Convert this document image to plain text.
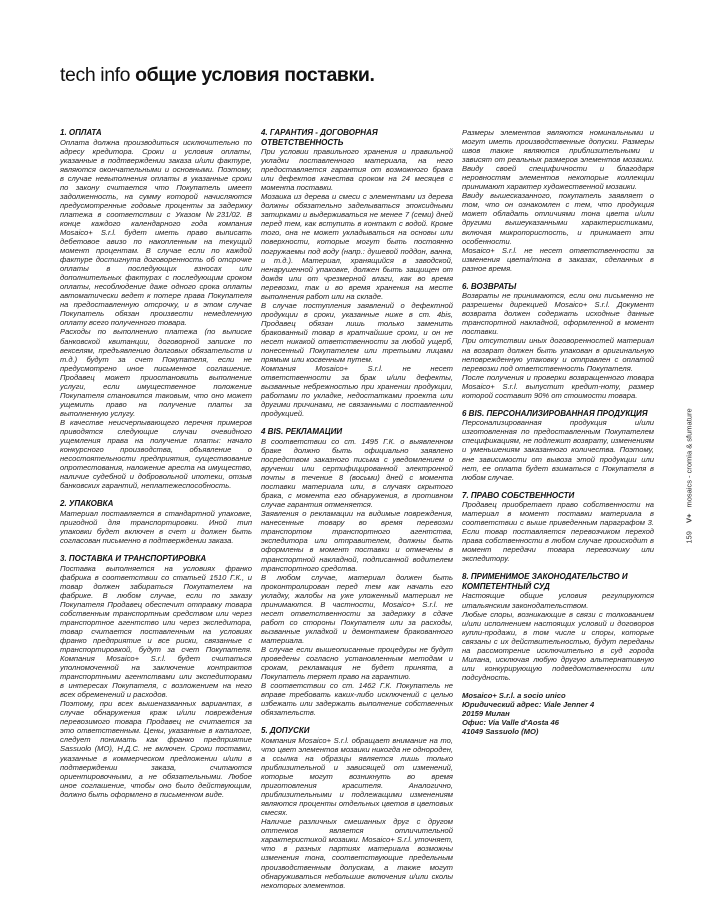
tech info общие условия поставки.
1. ОПЛАТА

Оплата должна производиться исключительно по адресу кредитора. Сроки и условия оплаты, указанные в подтверждении заказа и/или фактуре, являются окончательными и основными. Поэтому, в случае невыполнения оплаты в указанные сроки по закону считается что Покупатель имеет задолженность, на сумму которой начисляются предусмотренные годовые проценты за задержку платежа в соответствии с Указом №231/02. В конце каждого календарного года компания Mosaico+ S.r.l. будет иметь право выписать дебетовое авизо по накопленным на текущий момент процентам. В случае если по каждой фактуре достигнута договоренность об отсрочке оплаты в последующих взносах или дополнительных фактурах с последующим сроком оплаты, несоблюдение даже одного срока оплаты автоматически ведет к потере права Покупателя на предоставленную отсрочку, и в этом случае Покупатель обязан произвести немедленную оплату всего полученного товара.

Расходы по выполнению платежа (по выписке банковской квитанции, договорной записке по векселям, предъявлению долговых обязательств и т.д.) будут за счет Покупателя, если не предусмотрено иное письменное соглашение. Продавец может приостановить выполнение услуги, если имущественное положение Покупателя становится таковым, что оно может ущемить право на получение платы за выполненную услугу.

В качестве неисчерпывающего перечня примеров приводятся следующие случаи очевидного ущемления права на получение платы: начало конкурсного производства, объявление о несостоятельности предприятия, существование опротестования, наложение ареста на имущество, наличие судебной и добровольной ипотеки, отзыв банковских гарантий, неплатежеспособность.

2. УПАКОВКА

Материал поставляется в стандартной упаковке, пригодной для транспортировки. Иной тип упаковки будет включен в счет и должен быть согласован письменно в подтверждении заказа.

3. ПОСТАВКА И ТРАНСПОРТИРОВКА

Поставка выполняется на условиях франко фабрика в соответствии со статьей 1510 Г.К., и товар должен забираться Покупателем на фабрике. В любом случае, если по заказу Покупателя Продавец обеспечит отправку товара собственным транспортным средством или через транспортное агентство или через экспедитора, товар считается поставленным на условиях франко предприятие и все риски, связанные с транспортировкой, будут за счет Покупателя. Компания Mosaico+ S.r.l. будет считаться уполномоченной на заключение контрактов транспортными агентствами или экспедиторами в интересах Покупателя, с возложением на него всех обременений и расходов.

Поэтому, при всех вышеназванных вариантах, в случае обнаружения краж и/или повреждения перевозимого товара Продавец не считается за это ответственным. Цены, указанные в каталоге, следует понимать как франко предприятие Sassuolo (MO), Н.Д.С. не включен. Сроки поставки, указанные в коммерческом предложении и/или в подтверждении заказа, считаются ориентировочными, а не обязательными. Любое иное соглашение, чтобы оно было действующим, должно быть оформлено в письменном виде.

4. ГАРАНТИЯ - ДОГОВОРНАЯ ОТВЕТСТВЕННОСТЬ

При условии правильного хранения и правильной укладки поставленного материала, на него предоставляется гарантия от возможного брака или дефектов качества сроком на 24 месяцев с момента поставки.

Мозаика из дерева и смеси с элементами из дерева должны обязательно заделываться эпоксидными затирками и выдерживаться не менее 7 (семи) дней перед тем, как вступить в контакт с водой. Кроме того, она не может укладываться на основы или поверхности, которые могут быть постоянно погружаемы под воду (напр.: душевой поддон, ванна, и т.д.). Материал, хранящийся в заводской, ненарушенной упаковке, должен быть защищен от дождя или от чрезмерной влаги, как во время перевозки, так и во время хранения на месте выполнения работ или на складе.

В случае поступления заявлений о дефектной продукции в сроки, указанные ниже в ст. 4bis, Продавец обязан лишь только заменить бракованный товар в кратчайшие сроки, и он не несет никакой ответственности за любой ущерб, понесенный Покупателем или третьими лицами прямым или косвенным путем.

Компания Mosaico+ S.r.l. не несет ответственности за брак и/или дефекты, вызванные небрежностью при хранении продукции, работами по укладке, недостатками проекта или другими причинами, не связанными с поставленной продукцией.

4 BIS. РЕКЛАМАЦИИ

В соответствии со ст. 1495 Г.К. о выявленном браке должно быть официально заявлено посредством заказного письма с уведомлением о вручении или сертифицированной электронной почты в течение 8 (восьми) дней с момента поставки материала или, в случаях скрытого брака, с момента его обнаружения, в противном случае гарантия отменяется.

Заявления о рекламации на видимые повреждения, нанесенные товару во время перевозки транспортом транспортного агентства, экспедитора или отправителем, должны быть оформлены в момент поставки и отмечены в транспортной накладной, подписанной водителем транспортного средства.

В любом случае, материал должен быть проконтролирован перед тем как начать его укладку, жалобы на уже уложенный материал не принимаются. В частности, Mosaico+ S.r.l. не несет ответственности за задержку в сдаче работ со стороны Покупателя или за расходы, вызванные укладкой и демонтажем бракованного материала.

В случае если вышеописанные процедуры не будут проведены согласно установленным методам и срокам, рекламация не будет принята, а Покупатель теряет право на гарантию.

В соответствии со ст. 1462 Г.К. Покупатель не вправе требовать каких-либо исключений с целью избежать или задержать выполнение собственных обязательств.

5. ДОПУСКИ

Компания Mosaico+ S.r.l. обращает внимание на то, что цвет элементов мозаики никогда не однороден, а ссылка на образцы является лишь только приблизительной и зависящей от изменений, которые могут возникнуть во время приготовления красителя. Аналогично, приблизительными и подлежащими изменениям являются проценты отдельных цветов в цветовых смесях.

Наличие различных смешанных друг с другом оттенков является отличительной характеристикой мозаики. Mosaico+ S.r.l. уточняет, что в разных партиях материала возможны изменения тона, соответствующие предельным производственным допускам, а также могут обнаруживаться небольшие включения и/или сколы некоторых элементов.

Размеры элементов являются номинальными и могут иметь производственные допуски. Размеры швов также являются приблизительными и зависят от реальных размеров элементов мозаики. Ввиду своей специфичности и благодаря неровностям элементов некоторые коллекции принимают характер художественной мозаики.

Ввиду вышесказанного, покупатель заявляет о том, что он ознакомлен с тем, что продукция может обладать отличиями тона цвета и/или другими вышеуказанными характеристиками, включая микропористость, и принимает эти особенности.

Mosaico+ S.r.l. не несет ответственности за изменения цвета/тона в заказах, сделанных в разное время.

6. ВОЗВРАТЫ

Возвраты не принимаются, если они письменно не разрешены дирекцией Mosaico+ S.r.l. Документ возврата должен содержать исходные данные транспортной накладной, оформленной в момент поставки.

При отсутствии иных договоренностей материал на возврат должен быть упакован в оригинальную неповрежденную упаковку и отправлен с оплатой перевозки под ответственность Покупателя.

После получения и проверки возвращенного товара Mosaico+ S.r.l. выпустит кредит-ноту, размер которой составит 90% от стоимости товара.

6 BIS. ПЕРСОНАЛИЗИРОВАННАЯ ПРОДУКЦИЯ

Персонализированная продукция и/или изготовленная по предоставленным Покупателем спецификациям, не подлежит возврату, изменениям и уменьшениям заказанного количества. Поэтому, вне зависимости от вывоза этой продукции или нет, ее оплата будет взиматься с Покупателя в любом случае.

7. ПРАВО СОБСТВЕННОСТИ

Продавец приобретает право собственности на материал в момент поставки материала в соответствии с выше приведенным параграфом 3. Если товар поставляется перевозчиком переход права собственности в любом случае происходит в момент передачи товара перевозчику или экспедитору.

8. ПРИМЕНИМОЕ ЗАКОНОДАТЕЛЬСТВО И КОМПЕТЕНТНЫЙ СУД

Настоящие общие условия регулируются итальянским законодательством.

Любые споры, возникающие в связи с толкованием и/или исполнением настоящих условий и договоров купли-продажи, в том числе и споры, которые связаны с их действительностью, будут переданы на рассмотрение исключительно в суд города Милана, исключая любую другую альтернативную или конкурирующую подведомственности или подсудность.

Mosaico+ S.r.l. a socio unico
Юридический адрес: Viale Jenner 4
20159 Милан
Офис: Via Valle d'Aosta 46
41049 Sassuolo (MO)
159 V+ mosaics - cromia & sfumature
